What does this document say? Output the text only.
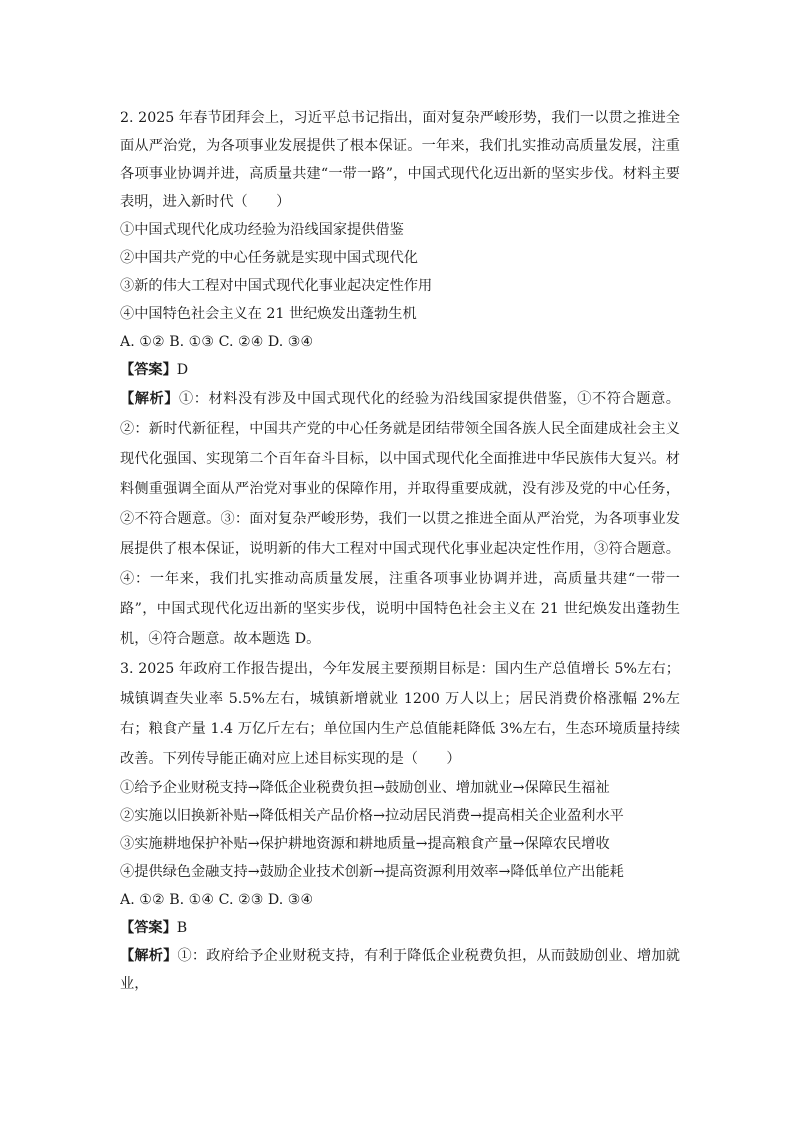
2. 2025 年春节团拜会上，习近平总书记指出，面对复杂严峻形势，我们一以贯之推进全面从严治党，为各项事业发展提供了根本保证。一年来，我们扎实推动高质量发展，注重各项事业协调并进，高质量共建“一带一路”，中国式现代化迈出新的坚实步伐。材料主要表明，进入新时代（　　）

①中国式现代化成功经验为沿线国家提供借鉴
②中国共产党的中心任务就是实现中国式现代化
③新的伟大工程对中国式现代化事业起决定性作用
④中国特色社会主义在 21 世纪焕发出蓬勃生机
A. ①② B. ①③ C. ②④ D. ③④
【答案】D

【解析】①：材料没有涉及中国式现代化的经验为沿线国家提供借鉴，①不符合题意。②：新时代新征程，中国共产党的中心任务就是团结带领全国各族人民全面建成社会主义现代化强国、实现第二个百年奋斗目标，以中国式现代化全面推进中华民族伟大复兴。材料侧重强调全面从严治党对事业的保障作用，并取得重要成就，没有涉及党的中心任务，②不符合题意。③：面对复杂严峻形势，我们一以贯之推进全面从严治党，为各项事业发展提供了根本保证，说明新的伟大工程对中国式现代化事业起决定性作用，③符合题意。④：一年来，我们扎实推动高质量发展，注重各项事业协调并进，高质量共建“一带一路”，中国式现代化迈出新的坚实步伐，说明中国特色社会主义在 21 世纪焕发出蓬勃生机，④符合题意。故本题选 D。

3. 2025 年政府工作报告提出，今年发展主要预期目标是：国内生产总值增长 5%左右；城镇调查失业率 5.5%左右，城镇新增就业 1200 万人以上；居民消费价格涨幅 2%左右；粮食产量 1.4 万亿斤左右；单位国内生产总值能耗降低 3%左右，生态环境质量持续改善。下列传导能正确对应上述目标实现的是（　　）

①给予企业财税支持→降低企业税费负担→鼓励创业、增加就业→保障民生福祉
②实施以旧换新补贴→降低相关产品价格→拉动居民消费→提高相关企业盈利水平
③实施耕地保护补贴→保护耕地资源和耕地质量→提高粮食产量→保障农民增收
④提供绿色金融支持→鼓励企业技术创新→提高资源利用效率→降低单位产出能耗
A. ①② B. ①④ C. ②③ D. ③④
【答案】B

【解析】①：政府给予企业财税支持，有利于降低企业税费负担，从而鼓励创业、增加就业，
